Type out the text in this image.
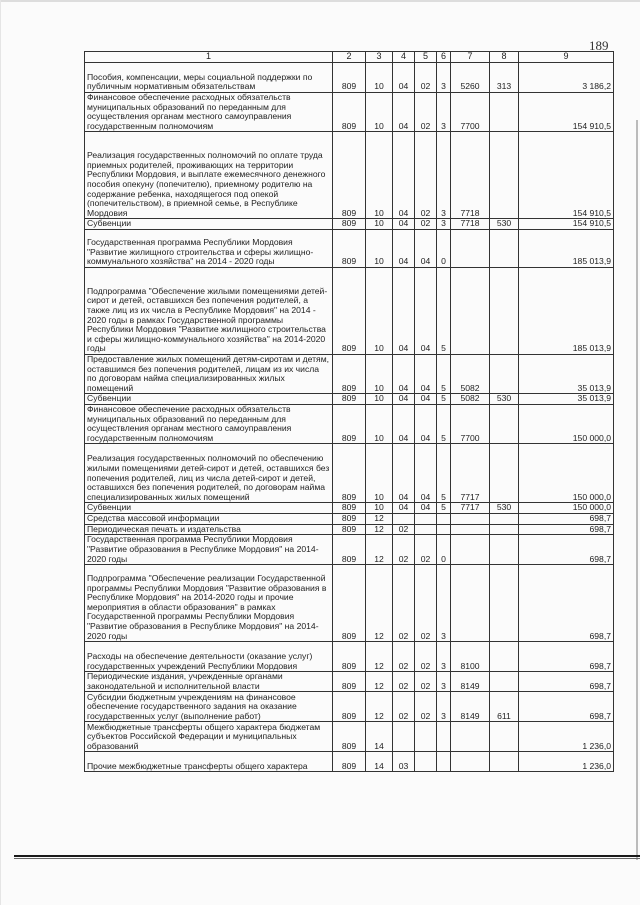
189
1	2	3	4	5	6	7	8	9
Пособия, компенсации, меры социальной поддержки по публичным нормативным обязательствам	809	10	04	02	3	5260	313	3 186,2
Финансовое обеспечение расходных обязательств муниципальных образований по переданным для осуществления органам местного самоуправления государственным полномочиям	809	10	04	02	3	7700		154 910,5
Реализация государственных полномочий по оплате труда приемных родителей, проживающих на территории Республики Мордовия, и выплате ежемесячного денежного пособия опекуну (попечителю), приемному родителю на содержание ребенка, находящегося под опекой (попечительством), в приемной семье, в Республике Мордовия	809	10	04	02	3	7718		154 910,5
Субвенции	809	10	04	02	3	7718	530	154 910,5
Государственная программа Республики Мордовия "Развитие жилищного строительства и сферы жилищно-коммунального хозяйства" на 2014 - 2020 годы	809	10	04	04	0			185 013,9
Подпрограмма "Обеспечение жилыми помещениями детей-сирот и детей, оставшихся без попечения родителей, а также лиц из их числа в Республике Мордовия" на 2014 - 2020 годы в рамках Государственной программы Республики Мордовия "Развитие жилищного строительства и сферы жилищно-коммунального хозяйства" на 2014-2020 годы	809	10	04	04	5			185 013,9
Предоставление жилых помещений детям-сиротам и детям, оставшимся без попечения родителей, лицам из их числа по договорам найма специализированных жилых помещений	809	10	04	04	5	5082		35 013,9
Субвенции	809	10	04	04	5	5082	530	35 013,9
Финансовое обеспечение расходных обязательств муниципальных образований по переданным для осуществления органам местного самоуправления государственным полномочиям	809	10	04	04	5	7700		150 000,0
Реализация государственных полномочий по обеспечению жилыми помещениями детей-сирот и детей, оставшихся без попечения родителей, лиц из числа детей-сирот и детей, оставшихся без попечения родителей, по договорам найма специализированных жилых помещений	809	10	04	04	5	7717		150 000,0
Субвенции	809	10	04	04	5	7717	530	150 000,0
Средства массовой информации	809	12						698,7
Периодическая печать и издательства	809	12	02					698,7
Государственная программа Республики Мордовия "Развитие образования в Республике Мордовия" на 2014-2020 годы	809	12	02	02	0			698,7
Подпрограмма "Обеспечение реализации Государственной программы Республики Мордовия "Развитие образования в Республике Мордовия" на 2014-2020 годы и прочие мероприятия в области образования" в рамках Государственной программы Республики Мордовия "Развитие образования в Республике Мордовия" на 2014-2020 годы	809	12	02	02	3			698,7
Расходы на обеспечение деятельности (оказание услуг) государственных учреждений Республики Мордовия	809	12	02	02	3	8100		698,7
Периодические издания, учрежденные органами законодательной и исполнительной власти	809	12	02	02	3	8149		698,7
Субсидии бюджетным учреждениям на финансовое обеспечение государственного задания на оказание государственных услуг (выполнение работ)	809	12	02	02	3	8149	611	698,7
Межбюджетные трансферты общего характера бюджетам субъектов Российской Федерации и муниципальных образований	809	14						1 236,0
Прочие межбюджетные трансферты общего характера	809	14	03					1 236,0
